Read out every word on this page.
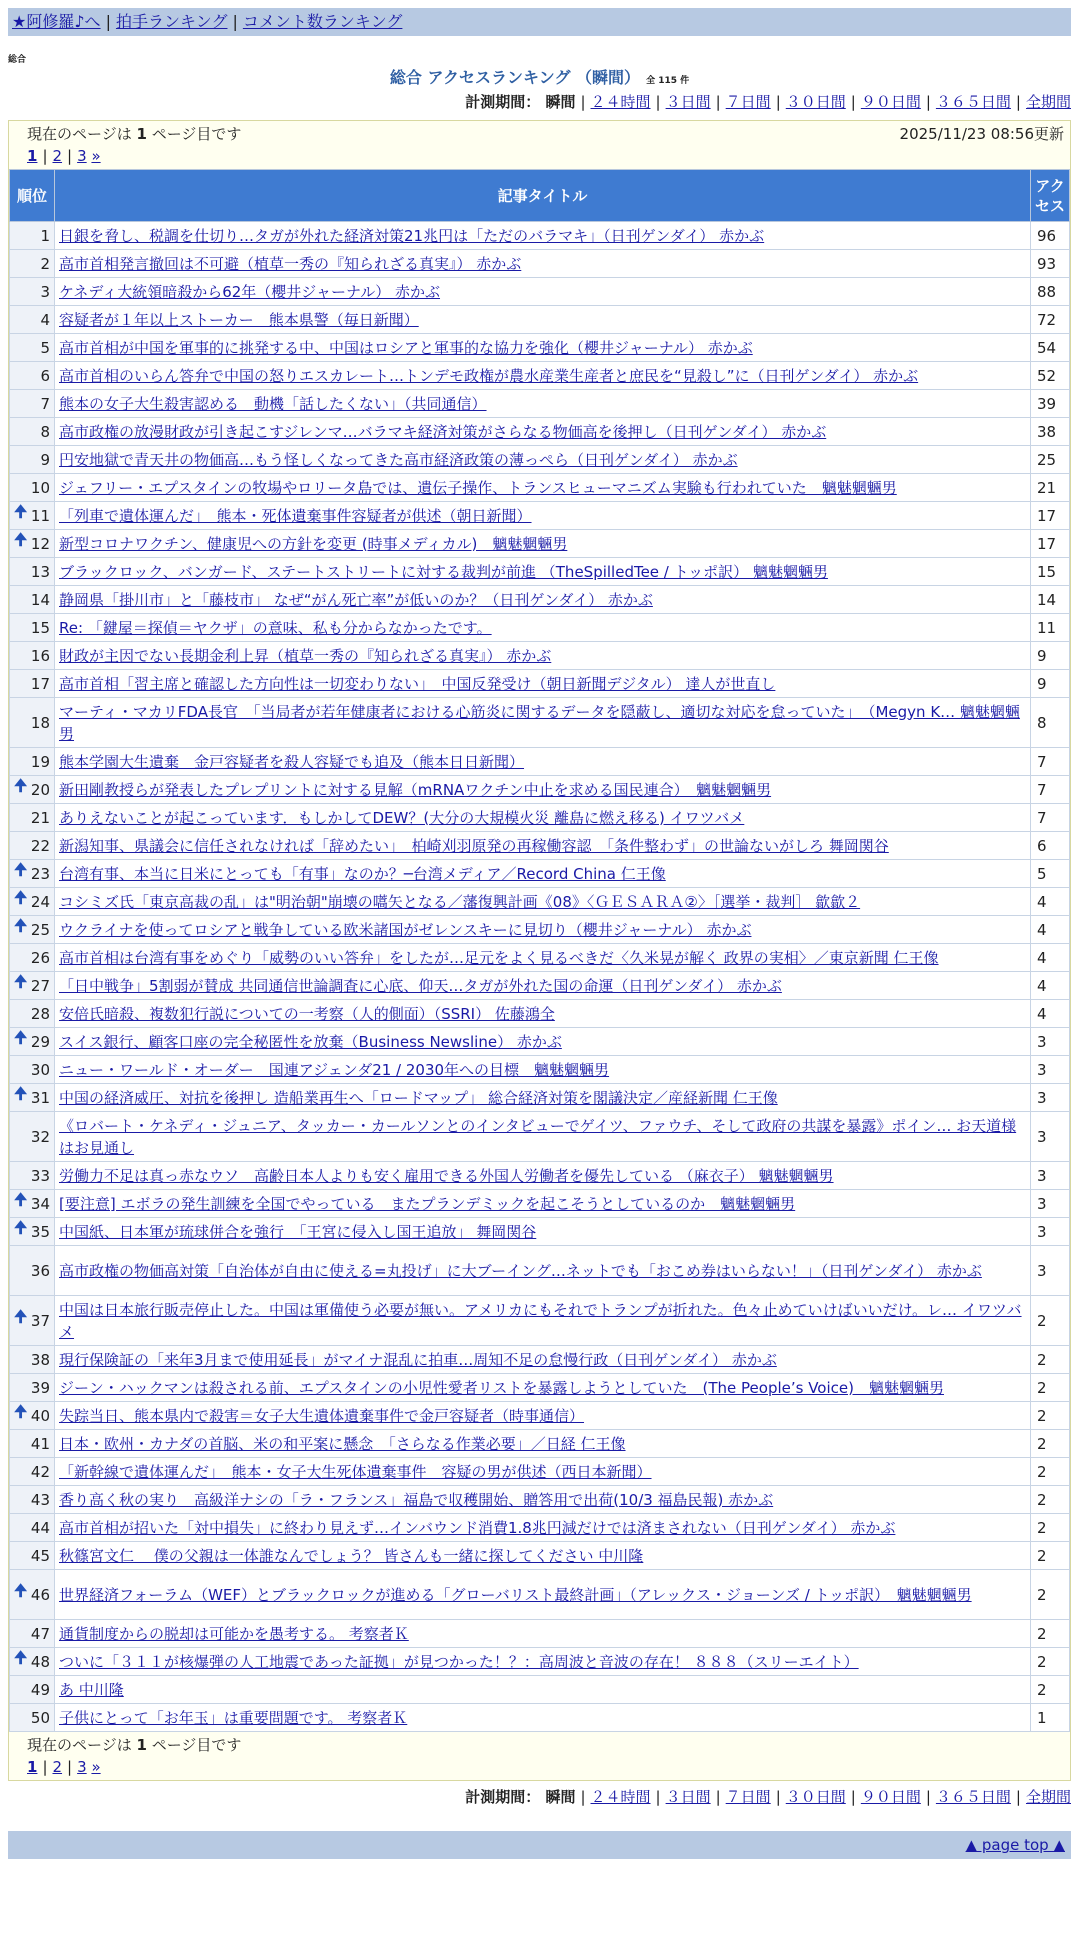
★阿修羅♪へ | 拍手ランキング | コメント数ランキング
総合
総合 アクセスランキング （瞬間） 全 115 件
計測期間： 瞬間 | ２４時間 | ３日間 | ７日間 | ３０日間 | ９０日間 | ３６５日間 | 全期間
現在のページは 1 ページ目です	2025/11/23 08:56更新
1 | 2 | 3 »
順位	記事タイトル	アクセス
1	日銀を脅し、税調を仕切り…タガが外れた経済対策21兆円は「ただのバラマキ」（日刊ゲンダイ） 赤かぶ	96
2	高市首相発言撤回は不可避（植草一秀の『知られざる真実』） 赤かぶ	93
3	ケネディ大統領暗殺から62年（櫻井ジャーナル） 赤かぶ	88
4	容疑者が１年以上ストーカー　熊本県警（毎日新聞）	72
5	高市首相が中国を軍事的に挑発する中、中国はロシアと軍事的な協力を強化（櫻井ジャーナル） 赤かぶ	54
6	高市首相のいらん答弁で中国の怒りエスカレート…トンデモ政権が農水産業生産者と庶民を“見殺し”に（日刊ゲンダイ） 赤かぶ	52
7	熊本の女子大生殺害認める　動機「話したくない」（共同通信）	39
8	高市政権の放漫財政が引き起こすジレンマ…バラマキ経済対策がさらなる物価高を後押し（日刊ゲンダイ） 赤かぶ	38
9	円安地獄で青天井の物価高…もう怪しくなってきた高市経済政策の薄っぺら（日刊ゲンダイ） 赤かぶ	25
10	ジェフリー・エプスタインの牧場やロリータ島では、遺伝子操作、トランスヒューマニズム実験も行われていた　魑魅魍魎男	21

🠉 11	「列車で遺体運んだ」　熊本・死体遺棄事件容疑者が供述（朝日新聞）	17

🠉 12	新型コロナワクチン、健康児への方針を変更 (時事メディカル)　魑魅魍魎男	17
13	ブラックロック、バンガード、ステートストリートに対する裁判が前進 （TheSpilledTee / トッポ訳） 魑魅魍魎男	15
14	静岡県「掛川市」と「藤枝市」 なぜ“がん死亡率”が低いのか？（日刊ゲンダイ） 赤かぶ	14
15	Re: 「鍵屋＝探偵＝ヤクザ」の意味、私も分からなかったです。	11
16	財政が主因でない長期金利上昇（植草一秀の『知られざる真実』） 赤かぶ	9
17	高市首相「習主席と確認した方向性は一切変わりない」　中国反発受け（朝日新聞デジタル） 達人が世直し	9
18	マーティ・マカリFDA長官　「当局者が若年健康者における心筋炎に関するデータを隠蔽し、適切な対応を怠っていた」　（Megyn K… 魑魅魍魎男	8
19	熊本学園大生遺棄　金戸容疑者を殺人容疑でも追及（熊本日日新聞）	7

🠉 20	新田剛教授らが発表したプレプリントに対する見解（mRNAワクチン中止を求める国民連合）　魑魅魍魎男	7
21	ありえないことが起こっています．もしかしてDEW？(大分の大規模火災 離島に燃え移る) イワツバメ	7
22	新潟知事、県議会に信任されなければ「辞めたい」　柏崎刈羽原発の再稼働容認　「条件整わず」の世論ないがしろ 舞岡関谷	6

🠉 23	台湾有事、本当に日米にとっても「有事」なのか？─台湾メディア／Record China 仁王像	5

🠉 24	コシミズ氏「東京高裁の乱」は"明治朝"崩壊の嚆矢となる／藩復興計画《08》〈ＧＥＳＡＲＡ②〉［選挙・裁判］ 歙歙２	4

🠉 25	ウクライナを使ってロシアと戦争している欧米諸国がゼレンスキーに見切り（櫻井ジャーナル） 赤かぶ	4
26	高市首相は台湾有事をめぐり「威勢のいい答弁」をしたが…足元をよく見るべきだ〈久米晃が解く 政界の実相〉／東京新聞 仁王像	4

🠉 27	「日中戦争」5割弱が賛成 共同通信世論調査に心底、仰天…タガが外れた国の命運（日刊ゲンダイ） 赤かぶ	4
28	安倍氏暗殺、複数犯行説についての一考察（人的側面）（SSRI） 佐藤鴻全	4

🠉 29	スイス銀行、顧客口座の完全秘匿性を放棄（Business Newsline） 赤かぶ	3
30	ニュー・ワールド・オーダー　国連アジェンダ21 / 2030年への目標　魑魅魍魎男	3

🠉 31	中国の経済威圧、対抗を後押し 造船業再生へ「ロードマップ」 総合経済対策を閣議決定／産経新聞 仁王像	3
32	《ロバート・ケネディ・ジュニア、タッカー・カールソンとのインタビューでゲイツ、ファウチ、そして政府の共謀を暴露》ポイン… お天道様はお見通し	3
33	労働力不足は真っ赤なウソ　高齢日本人よりも安く雇用できる外国人労働者を優先している （麻衣子） 魑魅魍魎男	3

🠉 34	[要注意] エボラの発生訓練を全国でやっている　またプランデミックを起こそうとしているのか　魑魅魍魎男	3

🠉 35	中国紙、日本軍が琉球併合を強行　「王宮に侵入し国王追放」 舞岡関谷	3
36	高市政権の物価高対策「自治体が自由に使える=丸投げ」に大ブーイング…ネットでも「おこめ券はいらない！」（日刊ゲンダイ） 赤かぶ	3

🠉 37	中国は日本旅行販売停止した。中国は軍備使う必要が無い。アメリカにもそれでトランプが折れた。色々止めていけばいいだけ。レ… イワツバメ	2
38	現行保険証の「来年3月まで使用延長」がマイナ混乱に拍車…周知不足の怠慢行政（日刊ゲンダイ） 赤かぶ	2
39	ジーン・ハックマンは殺される前、エプスタインの小児性愛者リストを暴露しようとしていた　(The People’s Voice)　魑魅魍魎男	2

🠉 40	失踪当日、熊本県内で殺害＝女子大生遺体遺棄事件で金戸容疑者（時事通信）	2
41	日本・欧州・カナダの首脳、米の和平案に懸念　「さらなる作業必要」／日経 仁王像	2
42	「新幹線で遺体運んだ」　熊本・女子大生死体遺棄事件　容疑の男が供述（西日本新聞）	2
43	香り高く秋の実り　高級洋ナシの「ラ・フランス」福島で収穫開始、贈答用で出荷(10/3 福島民報) 赤かぶ	2
44	高市首相が招いた「対中損失」に終わり見えず…インバウンド消費1.8兆円減だけでは済まされない（日刊ゲンダイ） 赤かぶ	2
45	秋篠宮文仁　 僕の父親は一体誰なんでしょう？ 皆さんも一緒に探してください 中川隆	2

🠉 46	世界経済フォーラム（WEF）とブラックロックが進める「グローバリスト最終計画」（アレックス・ジョーンズ / トッポ訳）　魑魅魍魎男	2
47	通貨制度からの脱却は可能かを愚考する。 考察者Ｋ	2

🠉 48	ついに「３１１が核爆弾の人工地震であった証拠」が見つかった！？：高周波と音波の存在！ ８８８（スリーエイト）	2
49	あ 中川隆	2
50	子供にとって「お年玉」は重要問題です。 考察者Ｋ	1
現在のページは 1 ページ目です
1 | 2 | 3 »
計測期間： 瞬間 | ２４時間 | ３日間 | ７日間 | ３０日間 | ９０日間 | ３６５日間 | 全期間
▲ page top ▲
